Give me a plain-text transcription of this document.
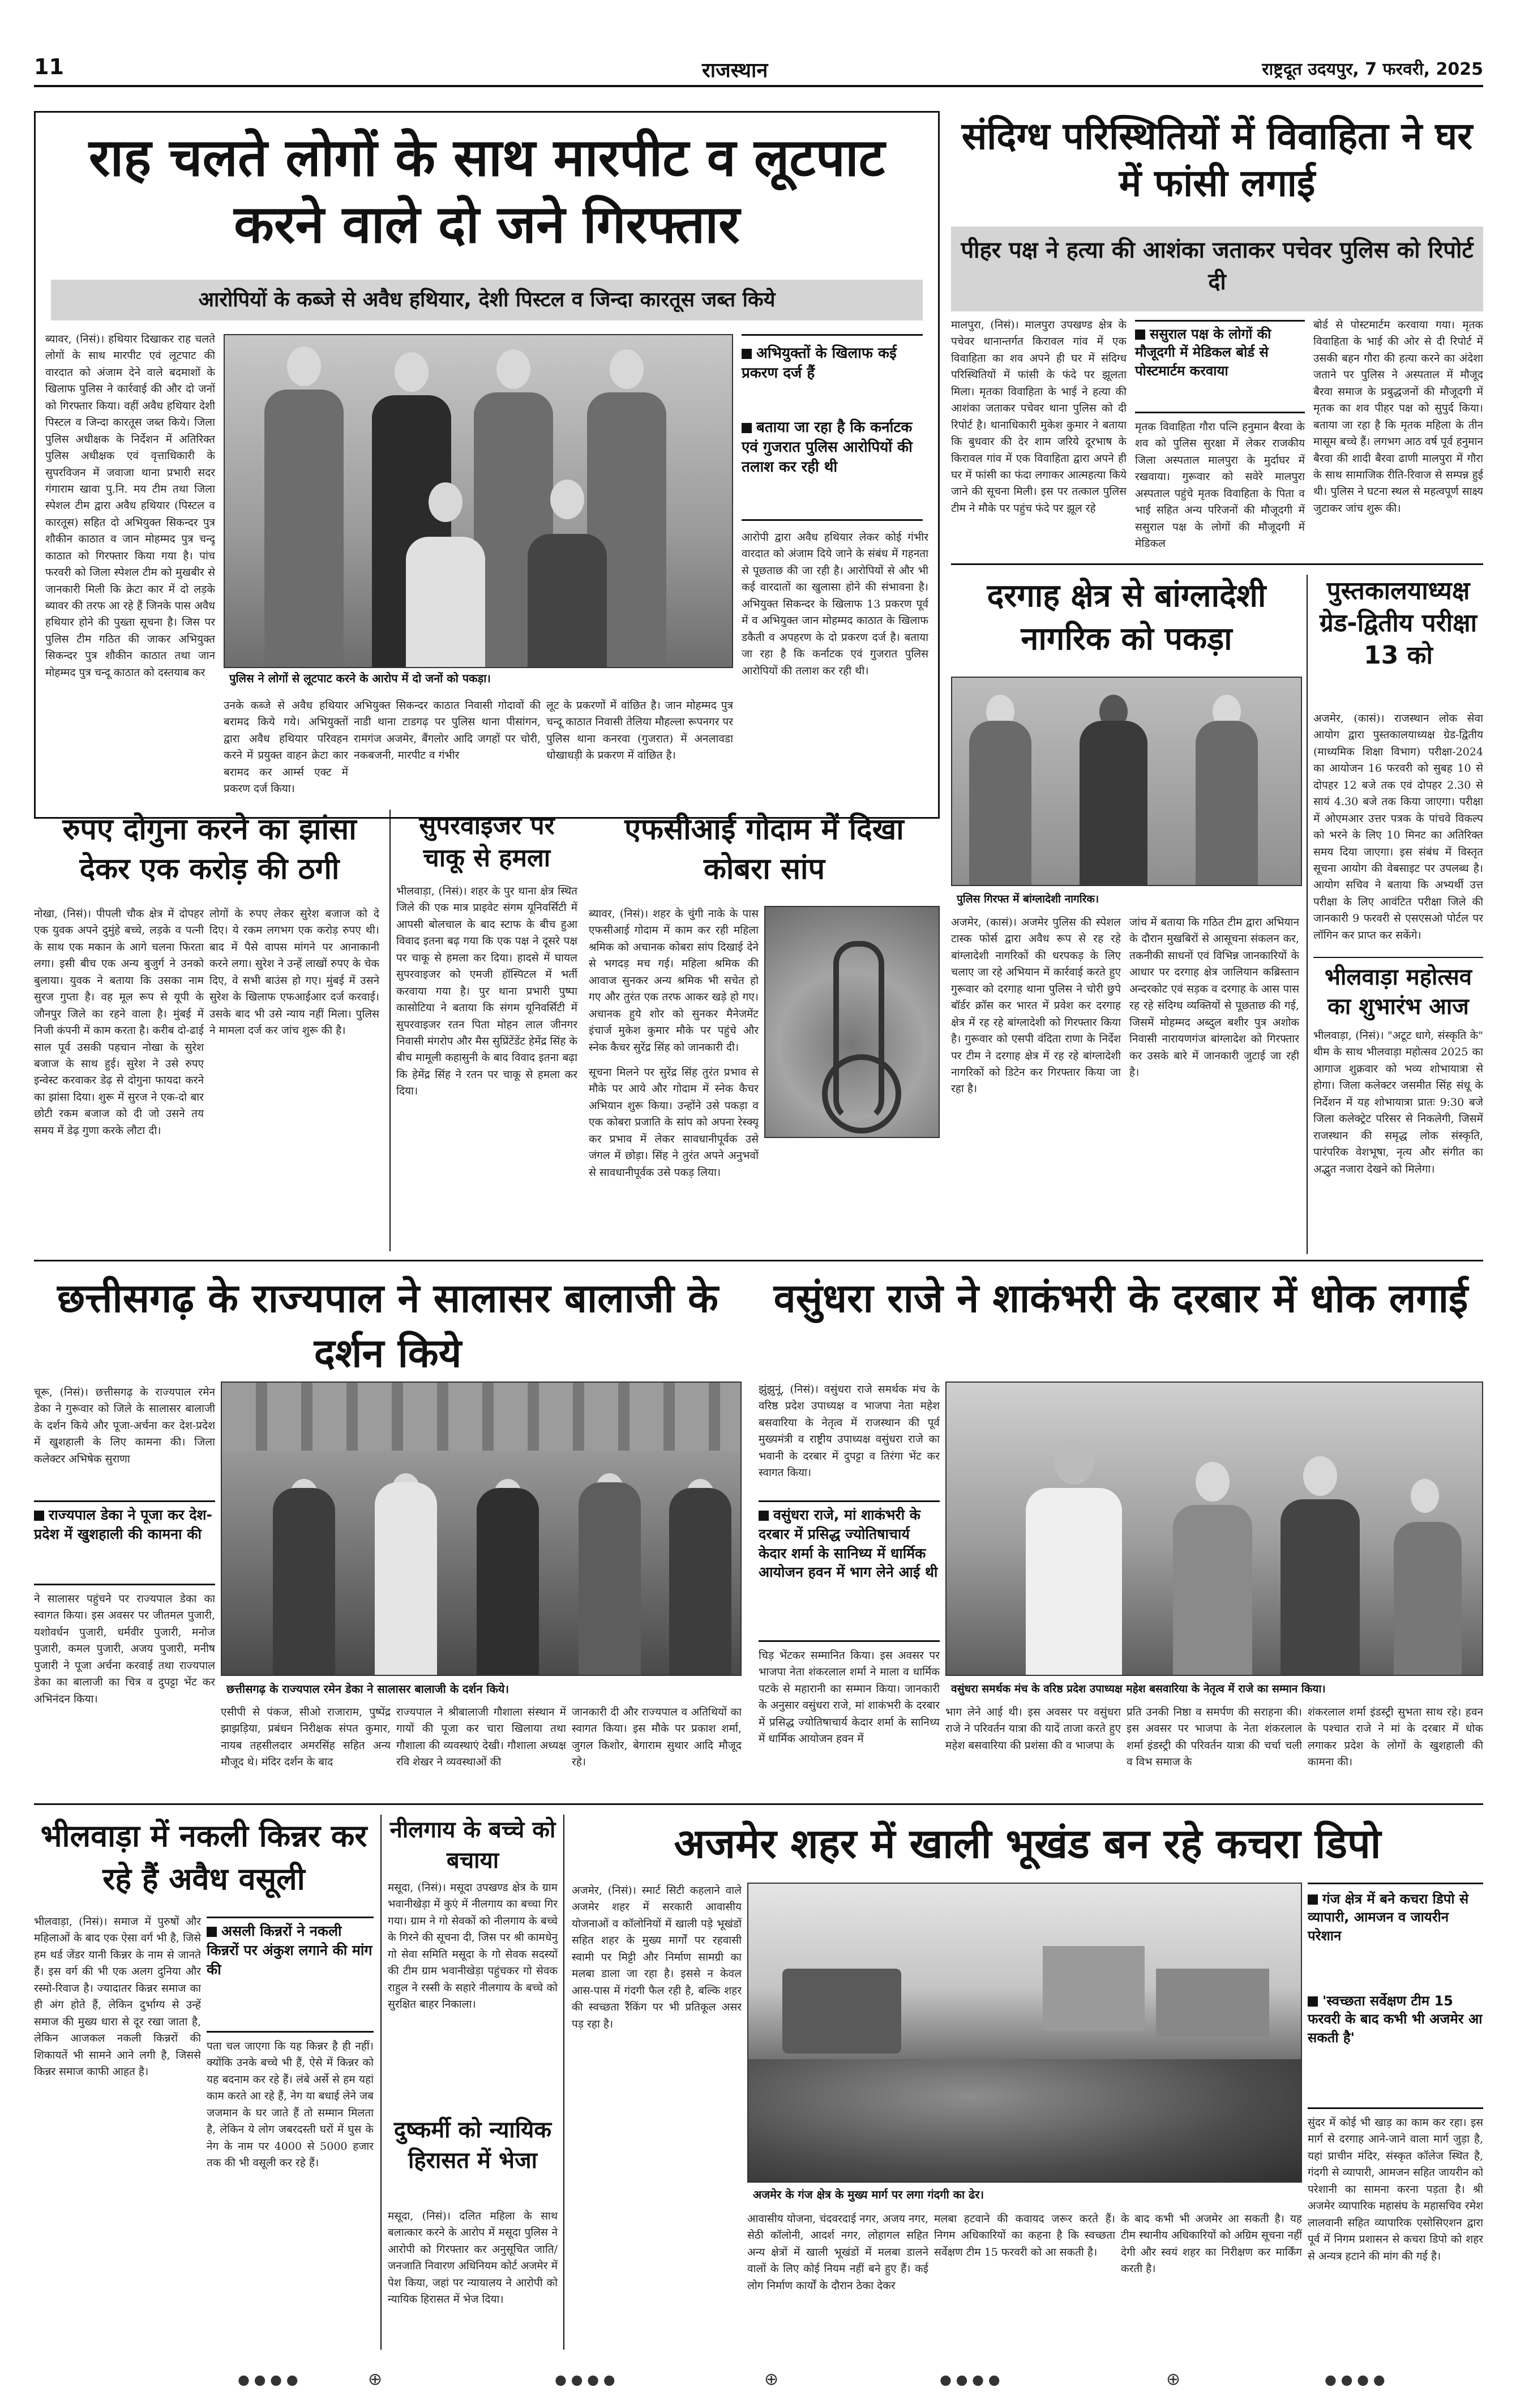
11	राजस्थान	राष्ट्रदूत उदयपुर, 7 फरवरी, 2025
राह चलते लोगों के साथ मारपीट व लूटपाट करने वाले दो जने गिरफ्तार
आरोपियों के कब्जे से अवैध हथियार, देशी पिस्टल व जिन्दा कारतूस जब्त किये
ब्यावर, (निसं)। हथियार दिखाकर राह चलते लोगों के साथ मारपीट एवं लूटपाट की वारदात को अंजाम देने वाले बदमाशों के खिलाफ पुलिस ने कार्रवाई की और दो जनों को गिरफ्तार किया। वहीं अवैध हथियार देशी पिस्टल व जिन्दा कारतूस जब्त किये। जिला पुलिस अधीक्षक के निर्देशन में अतिरिक्त पुलिस अधीक्षक एवं वृत्ताधिकारी के सुपरविजन में जवाजा थाना प्रभारी सदर गंगाराम खावा पु.नि. मय टीम तथा जिला स्पेशल टीम द्वारा अवैध हथियार (पिस्टल व कारतूस) सहित दो अभियुक्त सिकन्दर पुत्र शौकीन काठात व जान मोहम्मद पुत्र चन्दू काठात को गिरफ्तार किया गया है। पांच फरवरी को जिला स्पेशल टीम को मुखबीर से जानकारी मिली कि क्रेटा कार में दो लड़के ब्यावर की तरफ आ रहे हैं जिनके पास अवैध हथियार होने की पुख्ता सूचना है। जिस पर पुलिस टीम गठित की जाकर अभियुक्त सिकन्दर पुत्र शौकीन काठात तथा जान मोहम्मद पुत्र चन्दू काठात को दस्तयाब कर	पुलिस ने लोगों से लूटपाट करने के आरोप में दो जनों को पकड़ा।
अभियुक्तों के खिलाफ कई प्रकरण दर्ज हैं
बताया जा रहा है कि कर्नाटक एवं गुजरात पुलिस आरोपियों की तलाश कर रही थी
आरोपी द्वारा अवैध हथियार लेकर कोई गंभीर वारदात को अंजाम दिये जाने के संबंध में गहनता से पूछताछ की जा रही है। आरोपियों से और भी कई वारदातों का खुलासा होने की संभावना है। अभियुक्त सिकन्दर के खिलाफ 13 प्रकरण पूर्व में व अभियुक्त जान मोहम्मद काठात के खिलाफ डकैती व अपहरण के दो प्रकरण दर्ज है। बताया जा रहा है कि कर्नाटक एवं गुजरात पुलिस आरोपियों की तलाश कर रही थी।
उनके कब्जे से अवैध हथियार बरामद किये गये। अभियुक्तों द्वारा अवैध हथियार परिवहन करने में प्रयुक्त वाहन क्रेटा कार बरामद कर आर्म्स एक्ट में प्रकरण दर्ज किया।
अभियुक्त सिकन्दर काठात निवासी गोदावों की नाडी थाना टाडगढ़ पर पुलिस थाना पीसांगन, रामगंज अजमेर, बैंगलोर आदि जगहों पर चोरी, नकबजनी, मारपीट व गंभीर
लूट के प्रकरणों में वांछित है। जान मोहम्मद पुत्र चन्दू काठात निवासी तेलिया मौहल्ला रूपनगर पर पुलिस थाना कनरवा (गुजरात) में अनलावडा धोखाधड़ी के प्रकरण में वांछित है।
संदिग्ध परिस्थितियों में विवाहिता ने घर में फांसी लगाई
पीहर पक्ष ने हत्या की आशंका जताकर पचेवर पुलिस को रिपोर्ट दी
मालपुरा, (निसं)। मालपुरा उपखण्ड क्षेत्र के पचेवर थानान्तर्गत किरावल गांव में एक विवाहिता का शव अपने ही घर में संदिग्ध परिस्थितियों में फांसी के फंदे पर झूलता मिला। मृतका विवाहिता के भाई ने हत्या की आशंका जताकर पचेवर थाना पुलिस को दी रिपोर्ट है। थानाधिकारी मुकेश कुमार ने बताया कि बुधवार की देर शाम जरिये दूरभाष के किरावल गांव में एक विवाहिता द्वारा अपने ही घर में फांसी का फंदा लगाकर आत्महत्या किये जाने की सूचना मिली। इस पर तत्काल पुलिस टीम ने मौके पर पहुंच फंदे पर झूल रहे
ससुराल पक्ष के लोगों की मौजूदगी में मेडिकल बोर्ड से पोस्टमार्टम करवाया
मृतक विवाहिता गौरा पत्नि हनुमान बैरवा के शव को पुलिस सुरक्षा में लेकर राजकीय जिला अस्पताल मालपुरा के मुर्दाघर में रखवाया। गुरूवार को सवेरे मालपुरा अस्पताल पहुंचे मृतक विवाहिता के पिता व भाई सहित अन्य परिजनों की मौजूदगी में ससुराल पक्ष के लोगों की मौजूदगी में मेडिकल
बोर्ड से पोस्टमार्टम करवाया गया। मृतक विवाहिता के भाई की ओर से दी रिपोर्ट में उसकी बहन गौरा की हत्या करने का अंदेशा जताने पर पुलिस ने अस्पताल में मौजूद बैरवा समाज के प्रबुद्धजनों की मौजूदगी में मृतक का शव पीहर पक्ष को सुपुर्द किया। बताया जा रहा है कि मृतक महिला के तीन मासूम बच्चे हैं। लगभग आठ वर्ष पूर्व हनुमान बैरवा की शादी बैरवा ढाणी मालपुरा में गौरा के साथ सामाजिक रीति-रिवाज से सम्पन्न हुई थी। पुलिस ने घटना स्थल से महत्वपूर्ण साक्ष्य जुटाकर जांच शुरू की।
दरगाह क्षेत्र से बांग्लादेशी नागरिक को पकड़ा
पुलिस गिरफ्त में बांग्लादेशी नागरिक।
अजमेर, (कासं)। अजमेर पुलिस की स्पेशल टास्क फोर्स द्वारा अवैध रूप से रह रहे बांग्लादेशी नागरिकों की धरपकड़ के लिए चलाए जा रहे अभियान में कार्रवाई करते हुए गुरूवार को दरगाह थाना पुलिस ने चोरी छुपे बॉर्डर क्रॉस कर भारत में प्रवेश कर दरगाह क्षेत्र में रह रहे बांग्लादेशी को गिरफ्तार किया है। गुरूवार को एसपी वंदिता राणा के निर्देश पर टीम ने दरगाह क्षेत्र में रह रहे बांग्लादेशी नागरिकों को डिटेन कर गिरफ्तार किया जा रहा है।
जांच में बताया कि गठित टीम द्वारा अभियान के दौरान मुखबिरों से आसूचना संकलन कर, तकनीकी साधनों एवं विभिन्न जानकारियों के आधार पर दरगाह क्षेत्र जालियान कब्रिस्तान अन्दरकोट एवं सड़क व दरगाह के आस पास रह रहे संदिग्ध व्यक्तियों से पूछताछ की गई, जिसमें मोहम्मद अब्दुल बशीर पुत्र अशोक निवासी नारायणगंज बांग्लादेश को गिरफ्तार कर उसके बारे में जानकारी जुटाई जा रही है।
पुस्तकालयाध्यक्ष ग्रेड-द्वितीय परीक्षा 13 को
अजमेर, (कासं)। राजस्थान लोक सेवा आयोग द्वारा पुस्तकालयाध्यक्ष ग्रेड-द्वितीय (माध्यमिक शिक्षा विभाग) परीक्षा-2024 का आयोजन 16 फरवरी को सुबह 10 से दोपहर 12 बजे तक एवं दोपहर 2.30 से सायं 4.30 बजे तक किया जाएगा। परीक्षा में ओएमआर उत्तर पत्रक के पांचवे विकल्प को भरने के लिए 10 मिनट का अतिरिक्त समय दिया जाएगा। इस संबंध में विस्तृत सूचना आयोग की वेबसाइट पर उपलब्ध है। आयोग सचिव ने बताया कि अभ्यर्थी उत्त परीक्षा के लिए आवंटित परीक्षा जिले की जानकारी 9 फरवरी से एसएसओ पोर्टल पर लॉगिन कर प्राप्त कर सकेंगे।
भीलवाड़ा महोत्सव का शुभारंभ आज
भीलवाड़ा, (निसं)। "अटूट धागे, संस्कृति के" थीम के साथ भीलवाड़ा महोत्सव 2025 का आगाज शुक्रवार को भव्य शोभायात्रा से होगा। जिला कलेक्टर जसमीत सिंह संधू के निर्देशन में यह शोभायात्रा प्रातः 9:30 बजे जिला कलेक्ट्रेट परिसर से निकलेगी, जिसमें राजस्थान की समृद्ध लोक संस्कृति, पारंपरिक वेशभूषा, नृत्य और संगीत का अद्भुत नजारा देखने को मिलेगा।
रुपए दोगुना करने का झांसा देकर एक करोड़ की ठगी
नोखा, (निसं)। पीपली चौक क्षेत्र में दोपहर एक युवक अपने दुमुंहे बच्चे, लड़के व पत्नी के साथ एक मकान के आगे चलना फिरता लगा। इसी बीच एक अन्य बुजुर्ग ने उनको बुलाया। युवक ने बताया कि उसका नाम सुरज गुप्ता है। वह मूल रूप से यूपी के जौनपुर जिले का रहने वाला है। मुंबई में निजी कंपनी में काम करता है। करीब दो-ढाई साल पूर्व उसकी पहचान नोखा के सुरेश बजाज के साथ हुई। सुरेश ने उसे रुपए इन्वेस्ट करवाकर डेढ़ से दोगुना फायदा करने का झांसा दिया। शुरू में सुरज ने एक-दो बार छोटी रकम बजाज को दी जो उसने तय समय में डेढ़ गुणा करके लौटा दी।
लोगों के रुपए लेकर सुरेश बजाज को दे दिए। ये रकम लगभग एक करोड़ रुपए थी। बाद में पैसे वापस मांगने पर आनाकानी करने लगा। सुरेश ने उन्हें लाखों रुपए के चेक दिए, वे सभी बाउंस हो गए। मुंबई में उसने सुरेश के खिलाफ एफआईआर दर्ज करवाई। उसके बाद भी उसे न्याय नहीं मिला। पुलिस ने मामला दर्ज कर जांच शुरू की है।
सुपरवाइजर पर चाकू से हमला
भीलवाड़ा, (निसं)। शहर के पुर थाना क्षेत्र स्थित जिले की एक मात्र प्राइवेट संगम यूनिवर्सिटी में आपसी बोलचाल के बाद स्टाफ के बीच हुआ विवाद इतना बढ़ गया कि एक पक्ष ने दूसरे पक्ष पर चाकू से हमला कर दिया। हादसे में घायल सुपरवाइजर को एमजी हॉस्पिटल में भर्ती करवाया गया है। पुर थाना प्रभारी पुष्पा कासोटिया ने बताया कि संगम यूनिवर्सिटी में सुपरवाइजर रतन पिता मोहन लाल जीनगर निवासी मंगरोप और मैस सुप्रिंटेंडेंट हेमेंद्र सिंह के बीच मामूली कहासुनी के बाद विवाद इतना बढ़ा कि हेमेंद्र सिंह ने रतन पर चाकू से हमला कर दिया।
एफसीआई गोदाम में दिखा कोबरा सांप
ब्यावर, (निसं)। शहर के चुंगी नाके के पास एफसीआई गोदाम में काम कर रही महिला श्रमिक को अचानक कोबरा सांप दिखाई देने से भगदड़ मच गई। महिला श्रमिक की आवाज सुनकर अन्य श्रमिक भी सचेत हो गए और तुरंत एक तरफ आकर खड़े हो गए। अचानक हुये शोर को सुनकर मैनेजमेंट इंचार्ज मुकेश कुमार मौके पर पहुंचे और स्नेक कैचर सुरेंद्र सिंह को जानकारी दी।
सूचना मिलने पर सुरेंद्र सिंह तुरंत प्रभाव से मौके पर आये और गोदाम में स्नेक कैचर अभियान शुरू किया। उन्होंने उसे पकड़ा व एक कोबरा प्रजाति के सांप को अपना रेस्क्यू कर प्रभाव में लेकर सावधानीपूर्वक उसे जंगल में छोड़ा। सिंह ने तुरंत अपने अनुभवों से सावधानीपूर्वक उसे पकड़ लिया।
छत्तीसगढ़ के राज्यपाल ने सालासर बालाजी के दर्शन किये
चूरू, (निसं)। छत्तीसगढ़ के राज्यपाल रमेन डेका ने गुरूवार को जिले के सालासर बालाजी के दर्शन किये और पूजा-अर्चना कर देश-प्रदेश में खुशहाली के लिए कामना की। जिला कलेक्टर अभिषेक सुराणा
राज्यपाल डेका ने पूजा कर देश-प्रदेश में खुशहाली की कामना की
ने सालासर पहुंचने पर राज्यपाल डेका का स्वागत किया। इस अवसर पर जीतमल पुजारी, यशोवर्धन पुजारी, धर्मवीर पुजारी, मनोज पुजारी, कमल पुजारी, अजय पुजारी, मनीष पुजारी ने पूजा अर्चना करवाई तथा राज्यपाल डेका का बालाजी का चित्र व दुपट्टा भेंट कर अभिनंदन किया।
छत्तीसगढ़ के राज्यपाल रमेन डेका ने सालासर बालाजी के दर्शन किये।
एसीपी से पंकज, सीओ राजाराम, पुष्पेंद्र झाझड़िया, प्रबंधन निरीक्षक संपत कुमार, नायब तहसीलदार अमरसिंह सहित अन्य मौजूद थे। मंदिर दर्शन के बाद
राज्यपाल ने श्रीबालाजी गौशाला संस्थान में गायों की पूजा कर चारा खिलाया तथा गौशाला की व्यवस्थाएं देखी। गौशाला अध्यक्ष रवि शेखर ने व्यवस्थाओं की
जानकारी दी और राज्यपाल व अतिथियों का स्वागत किया। इस मौके पर प्रकाश शर्मा, जुगल किशोर, बेगाराम सुथार आदि मौजूद रहे।
वसुंधरा राजे ने शाकंभरी के दरबार में धोक लगाई
झुंझुनूं, (निसं)। वसुंधरा राजे समर्थक मंच के वरिष्ठ प्रदेश उपाध्यक्ष व भाजपा नेता महेश बसवारिया के नेतृत्व में राजस्थान की पूर्व मुख्यमंत्री व राष्ट्रीय उपाध्यक्ष वसुंधरा राजे का भवानी के दरबार में दुपट्टा व तिरंगा भेंट कर स्वागत किया।
वसुंधरा राजे, मां शाकंभरी के दरबार में प्रसिद्ध ज्योतिषाचार्य केदार शर्मा के सानिध्य में धार्मिक आयोजन हवन में भाग लेने आई थी
चिड़ भेंटकर सम्मानित किया। इस अवसर पर भाजपा नेता शंकरलाल शर्मा ने माला व धार्मिक पटके से महारानी का सम्मान किया। जानकारी के अनुसार वसुंधरा राजे, मां शाकंभरी के दरबार में प्रसिद्ध ज्योतिषाचार्य केदार शर्मा के सानिध्य में धार्मिक आयोजन हवन में
वसुंधरा समर्थक मंच के वरिष्ठ प्रदेश उपाध्यक्ष महेश बसवारिया के नेतृत्व में राजे का सम्मान किया।
भाग लेने आई थी। इस अवसर पर वसुंधरा राजे ने परिवर्तन यात्रा की यादें ताजा करते हुए महेश बसवारिया की प्रशंसा की व भाजपा के
प्रति उनकी निष्ठा व समर्पण की सराहना की। इस अवसर पर भाजपा के नेता शंकरलाल शर्मा इंडस्ट्री की परिवर्तन यात्रा की चर्चा चली व विभ समाज के
शंकरलाल शर्मा इंडस्ट्री सुभता साथ रहे। हवन के पश्चात राजे ने मां के दरबार में धोक लगाकर प्रदेश के लोगों के खुशहाली की कामना की।
भीलवाड़ा में नकली किन्नर कर रहे हैं अवैध वसूली
भीलवाड़ा, (निसं)। समाज में पुरुषों और महिलाओं के बाद एक ऐसा वर्ग भी है, जिसे हम थर्ड जेंडर यानी किन्नर के नाम से जानते हैं। इस वर्ग की भी एक अलग दुनिया और रस्मो-रिवाज है। ज्यादातर किन्नर समाज का ही अंग होते हैं, लेकिन दुर्भाग्य से उन्हें समाज की मुख्य धारा से दूर रखा जाता है, लेकिन आजकल नकली किन्नरों की शिकायतें भी सामने आने लगी है, जिससे किन्नर समाज काफी आहत है।
असली किन्नरों ने नकली किन्नरों पर अंकुश लगाने की मांग की
पता चल जाएगा कि यह किन्नर है ही नहीं। क्योंकि उनके बच्चे भी हैं, ऐसे में किन्नर को यह बदनाम कर रहे हैं। लंबे अर्से से हम यहां काम करते आ रहे हैं, नेग या बधाई लेने जब जजमान के घर जाते हैं तो सम्मान मिलता है, लेकिन ये लोग जबरदस्ती घरों में घुस के नेग के नाम पर 4000 से 5000 हजार तक की भी वसूली कर रहे हैं।
नीलगाय के बच्चे को बचाया
मसूदा, (निसं)। मसूदा उपखण्ड क्षेत्र के ग्राम भवानीखेड़ा में कुएं में नीलगाय का बच्चा गिर गया। ग्राम ने गो सेवकों को नीलगाय के बच्चे के गिरने की सूचना दी, जिस पर श्री कामधेनु गो सेवा समिति मसूदा के गो सेवक सदस्यों की टीम ग्राम भवानीखेड़ा पहुंचकर गो सेवक राहुल ने रस्सी के सहारे नीलगाय के बच्चे को सुरक्षित बाहर निकाला।
दुष्कर्मी को न्यायिक हिरासत में भेजा
मसूदा, (निसं)। दलित महिला के साथ बलात्कार करने के आरोप में मसूदा पुलिस ने आरोपी को गिरफ्तार कर अनुसूचित जाति/जनजाति निवारण अधिनियम कोर्ट अजमेर में पेश किया, जहां पर न्यायालय ने आरोपी को न्यायिक हिरासत में भेज दिया।
अजमेर शहर में खाली भूखंड बन रहे कचरा डिपो
अजमेर, (निसं)। स्मार्ट सिटी कहलाने वाले अजमेर शहर में सरकारी आवासीय योजनाओं व कॉलोनियों में खाली पड़े भूखंडों सहित शहर के मुख्य मार्गों पर रहवासी स्वामी पर मिट्टी और निर्माण सामग्री का मलबा डाला जा रहा है। इससे न केवल आस-पास में गंदगी फैल रही है, बल्कि शहर की स्वच्छता रैंकिंग पर भी प्रतिकूल असर पड़ रहा है।
अजमेर के गंज क्षेत्र के मुख्य मार्ग पर लगा गंदगी का ढेर।
आवासीय योजना, चंदवरदाई नगर, अजय नगर, सेठी कॉलोनी, आदर्श नगर, लोहागल सहित अन्य क्षेत्रों में खाली भूखंडों में मलबा डालने वालों के लिए कोई नियम नहीं बने हुए हैं। कई लोग निर्माण कार्यों के दौरान ठेका देकर
मलबा हटवाने की कवायद जरूर करते हैं। निगम अधिकारियों का कहना है कि स्वच्छता सर्वेक्षण टीम 15 फरवरी को आ सकती है।
के बाद कभी भी अजमेर आ सकती है। यह टीम स्थानीय अधिकारियों को अग्रिम सूचना नहीं देगी और स्वयं शहर का निरीक्षण कर मार्किंग करती है।
गंज क्षेत्र में बने कचरा डिपो से व्यापारी, आमजन व जायरीन परेशान
'स्वच्छता सर्वेक्षण टीम 15 फरवरी के बाद कभी भी अजमेर आ सकती है'
सुंदर में कोई भी खाड़ का काम कर रहा। इस मार्ग से दरगाह आने-जाने वाला मार्ग जुड़ा है, यहां प्राचीन मंदिर, संस्कृत कॉलेज स्थित है, गंदगी से व्यापारी, आमजन सहित जायरीन को परेशानी का सामना करना पड़ता है। श्री अजमेर व्यापारिक महासंघ के महासचिव रमेश लालवानी सहित व्यापारिक एसोसिएशन द्वारा पूर्व में निगम प्रशासन से कचरा डिपो को शहर से अन्यत्र हटाने की मांग की गई है।
● ● ● ●	⊕	● ● ● ●	⊕	● ● ● ●	⊕	● ● ● ●
